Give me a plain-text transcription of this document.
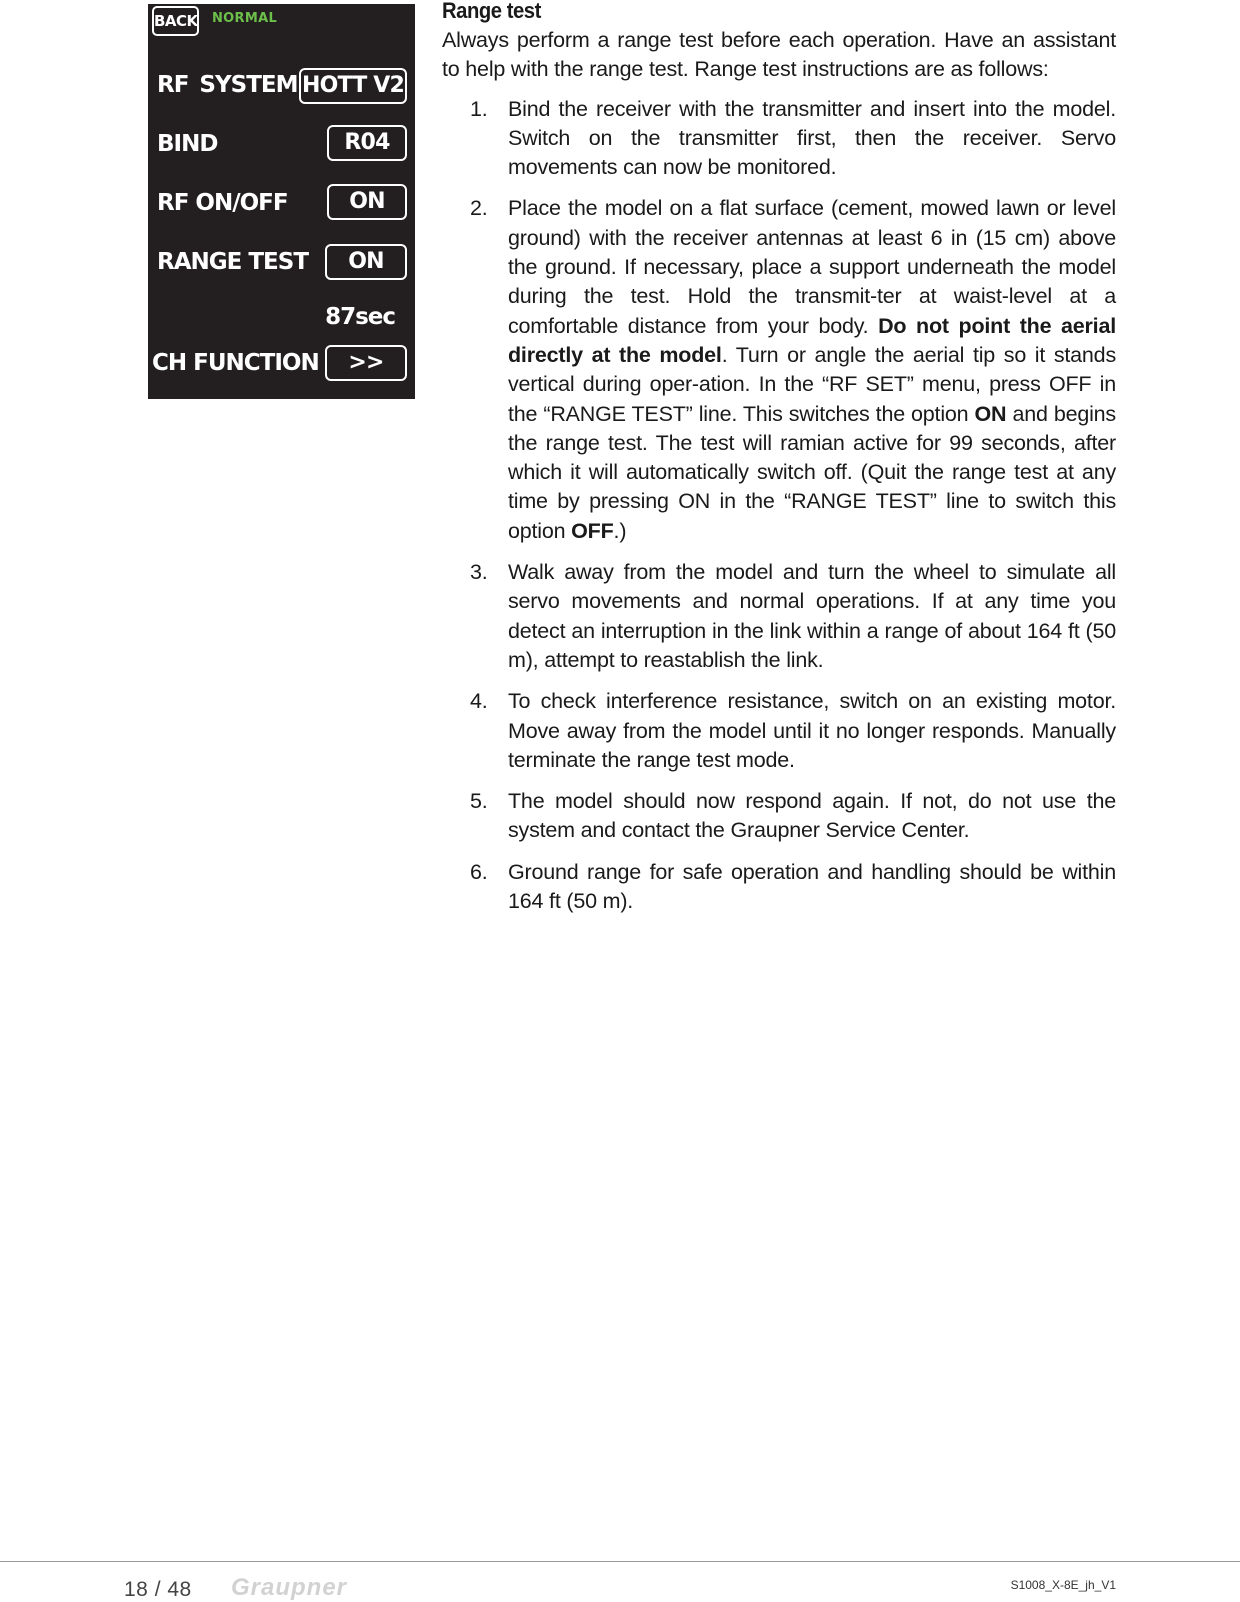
BACK NORMAL
RF SYSTEM HOTT V2
BIND	R04
RF ON/OFF	ON
RANGE TEST	ON
87sec
CH FUNCTION	>>
Range test

Always perform a range test before each operation. Have an assistant to help with the range test. Range test instructions are as follows:

1. Bind the receiver with the transmitter and insert into the model. Switch on the transmitter first, then the receiver. Servo movements can now be monitored.
2. Place the model on a flat surface (cement, mowed lawn or level ground) with the receiver antennas at least 6 in (15 cm) above the ground. If necessary, place a support underneath the model during the test. Hold the transmit-ter at waist-level at a comfortable distance from your body. Do not point the aerial directly at the model. Turn or angle the aerial tip so it stands vertical during oper-ation. In the “RF SET” menu, press OFF in the “RANGE TEST” line. This switches the option ON and begins the range test. The test will ramian active for 99 seconds, after which it will automatically switch off. (Quit the range test at any time by pressing ON in the “RANGE TEST” line to switch this option OFF.)
3. Walk away from the model and turn the wheel to simulate all servo movements and normal operations. If at any time you detect an interruption in the link within a range of about 164 ft (50 m), attempt to reastablish the link.
4. To check interference resistance, switch on an existing motor. Move away from the model until it no longer responds. Manually terminate the range test mode.
5. The model should now respond again. If not, do not use the system and contact the Graupner Service Center.
6. Ground range for safe operation and handling should be within 164 ft (50 m).
18 / 48 Graupner	S1008_X-8E_jh_V1
